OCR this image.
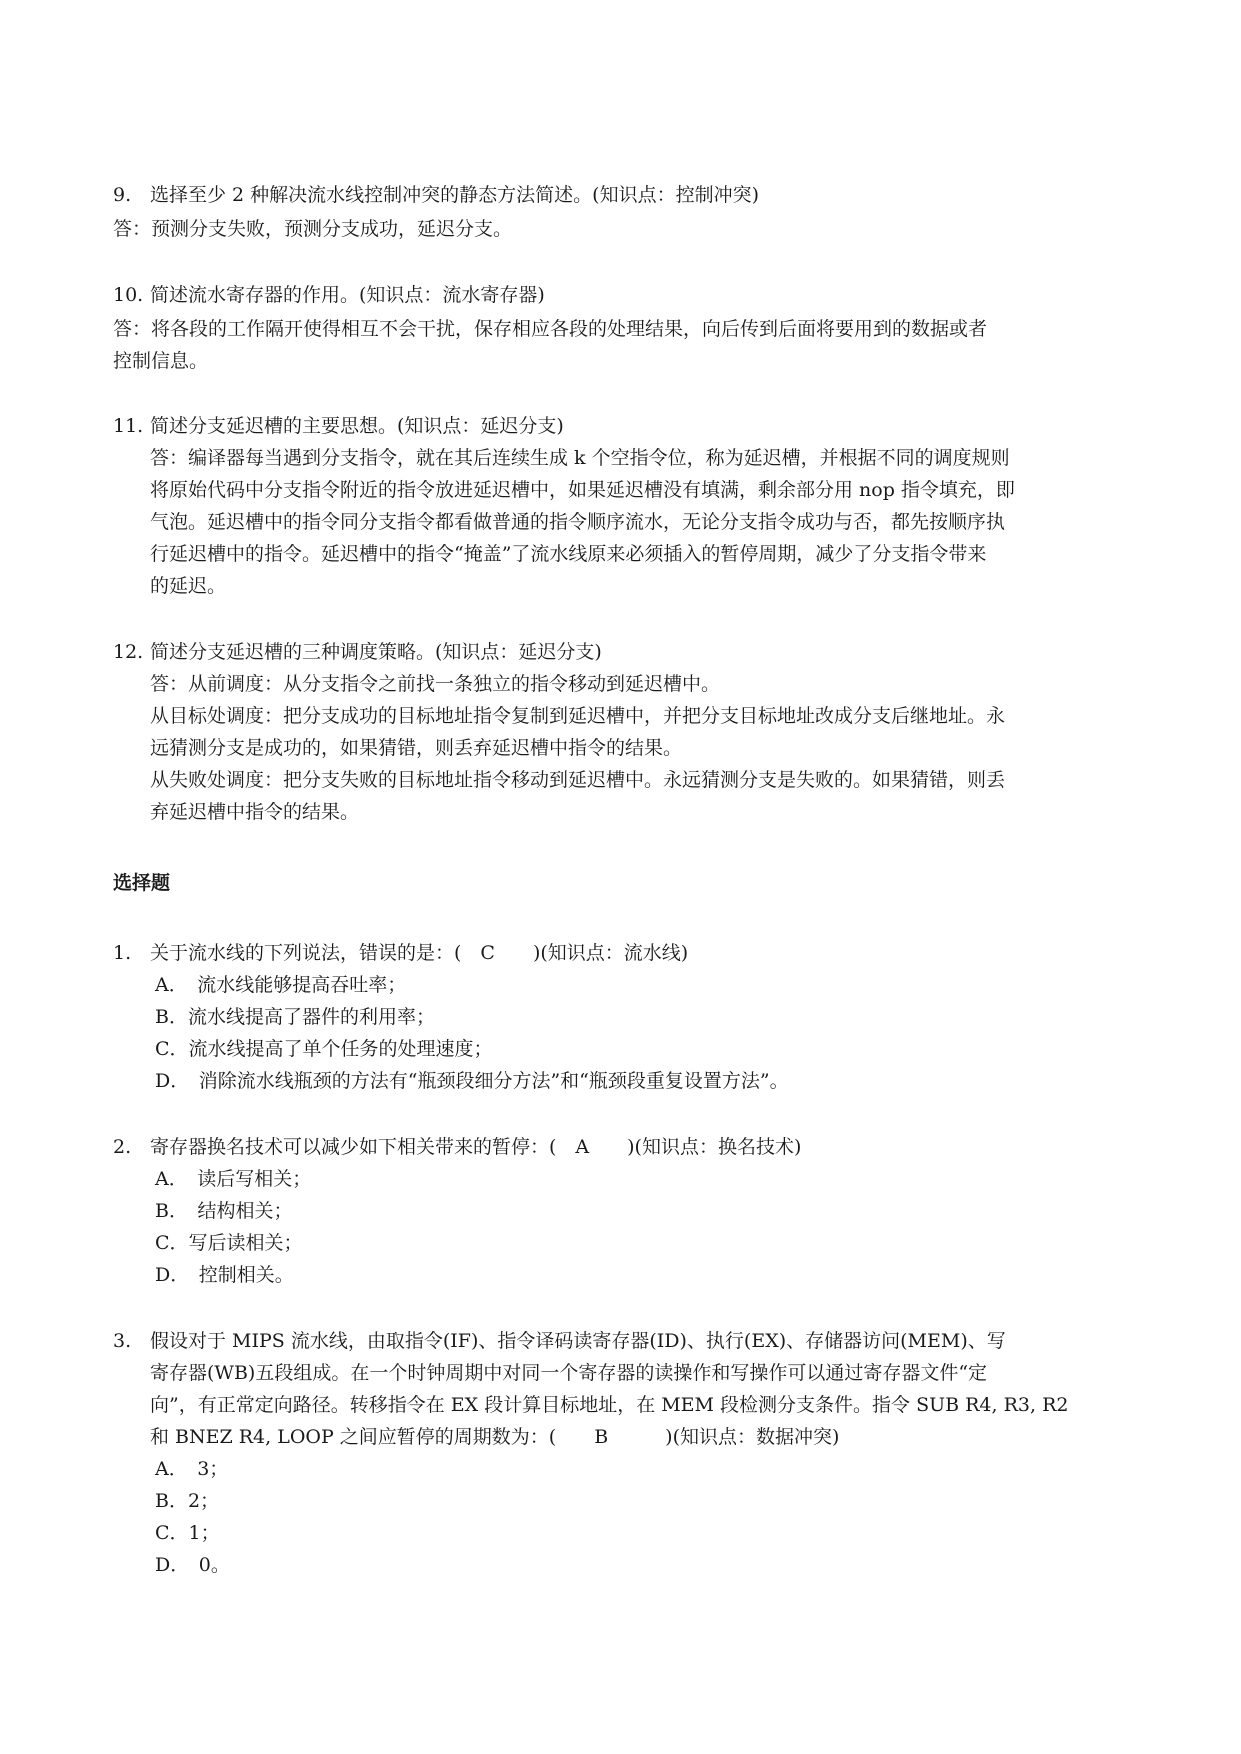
9. 选择至少 2 种解决流水线控制冲突的静态方法简述。(知识点：控制冲突)
答：预测分支失败，预测分支成功，延迟分支。
10. 简述流水寄存器的作用。(知识点：流水寄存器)
答：将各段的工作隔开使得相互不会干扰，保存相应各段的处理结果，向后传到后面将要用到的数据或者
控制信息。
11. 简述分支延迟槽的主要思想。(知识点：延迟分支)
答：编译器每当遇到分支指令，就在其后连续生成 k 个空指令位，称为延迟槽，并根据不同的调度规则
将原始代码中分支指令附近的指令放进延迟槽中，如果延迟槽没有填满，剩余部分用 nop 指令填充，即
气泡。延迟槽中的指令同分支指令都看做普通的指令顺序流水，无论分支指令成功与否，都先按顺序执
行延迟槽中的指令。延迟槽中的指令“掩盖”了流水线原来必须插入的暂停周期，减少了分支指令带来
的延迟。
12. 简述分支延迟槽的三种调度策略。(知识点：延迟分支)
答：从前调度：从分支指令之前找一条独立的指令移动到延迟槽中。
从目标处调度：把分支成功的目标地址指令复制到延迟槽中，并把分支目标地址改成分支后继地址。永
远猜测分支是成功的，如果猜错，则丢弃延迟槽中指令的结果。
从失败处调度：把分支失败的目标地址指令移动到延迟槽中。永远猜测分支是失败的。如果猜错，则丢
弃延迟槽中指令的结果。
选择题
1. 关于流水线的下列说法，错误的是：(　C　　)(知识点：流水线)
A．　流水线能够提高吞吐率；
B．流水线提高了器件的利用率；
C．流水线提高了单个任务的处理速度；
D．　消除流水线瓶颈的方法有“瓶颈段细分方法”和“瓶颈段重复设置方法”。
2. 寄存器换名技术可以减少如下相关带来的暂停：(　A　　)(知识点：换名技术)
A．　读后写相关；
B．　结构相关；
C．写后读相关；
D．　控制相关。
3. 假设对于 MIPS 流水线，由取指令(IF)、指令译码读寄存器(ID)、执行(EX)、存储器访问(MEM)、写
寄存器(WB)五段组成。在一个时钟周期中对同一个寄存器的读操作和写操作可以通过寄存器文件“定
向”，有正常定向路径。转移指令在 EX 段计算目标地址，在 MEM 段检测分支条件。指令 SUB R4, R3, R2
和 BNEZ R4, LOOP 之间应暂停的周期数为：(　　B　　　)(知识点：数据冲突)
A．　3；
B．2；
C．1；
D．　0。
